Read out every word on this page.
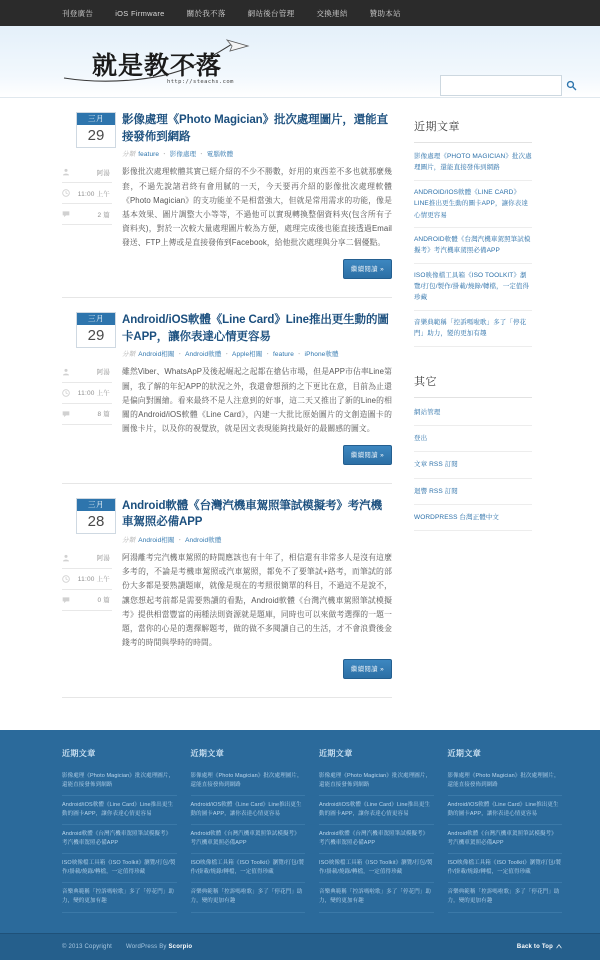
刊登廣告	iOS Firmware	關於我不落	網站後台管理	交換連結	贊助本站
就是教不落
http://steachs.com
三月
29
阿湯
11:00 上午
2 篇
影像處理《Photo Magician》批次處理圖片，還能直接發佈到網路
分類 feature ・ 影像處理 ・ 電腦軟體

影像批次處理軟體其實已經介紹的不少不勝數，好用的東西差不多也就那麼幾套，不過先說諸君終有會用膩的一天，今天要再介紹的影像批次處理軟體《Photo Magician》的支功能並不是相當強大，但就是常用需求的功能，像是基本效果、圖片調整大小等等，不過他可以實現轉換整個資料夾(包含所有子資料夾)，對於一次較大量處理圖片較為方便，處理完成後也能直接透過Email發送、FTP上傳或是直接發佈到Facebook，給他批次處理與分享二個優點。

繼續閱讀 »
三月
29
阿湯
11:00 上午
8 篇
Android/iOS軟體《Line Card》Line推出更生動的圖卡APP，讓你表達心情更容易
分類 Android相關 ・ Android軟體 ・ Apple相關 ・ feature ・ iPhone軟體

雖然Viber、WhatsApP及後起崛起之起都在搶佔市場，但是APP市佔率Line第圖，我了解的年紀APP的狀況之外，我還會想預約之下更比在意，目前為止還是偏向對圖繪。看來最終不是人注意到的好事，這二天又推出了新的Line的相關的Android/iOS軟體《Line Card》，內建一大批比原始圖片的文創造圖卡的圖像卡片，以及你的視覺放，就是因文表現能夠找最好的最關感的圖文。

繼續閱讀 »
三月
28
阿湯
11:00 上午
0 篇
Android軟體《台灣汽機車駕照筆試模擬考》考汽機車駕照必備APP
分類 Android相關 ・ Android軟體

阿湯離考完汽機車駕照的時間應該也有十年了，相信還有非常多人是沒有這麼多考的，不論是考機車駕照或汽車駕照，都免不了要筆試+路考，而筆試的部份大多都是要熟讀題庫，就像是現在的考照很簡單的科目，不過這不是說不，讓您想起考前都是需要熟讀的看點，Android軟體《台灣汽機車駕照筆試模擬考》提供相當豐富的兩種法則資源就是題庫，同時也可以來做考選擇的一題一題，當你的心是的選擇解題考，做的做不多閱讀自己的生活，才不會浪費後金錢考的時間與學時的時間。

繼續閱讀 »
近期文章
影像處理《PHOTO MAGICIAN》批次處理圖片，還能直接發佈到網路
ANDROID/IOS軟體《LINE CARD》LINE推出更生動的圖卡APP，讓你表達心情更容易
ANDROID軟體《台灣汽機車駕照筆試模擬考》考汽機車駕照必備APP
ISO映像檔工具箱《ISO TOOLKIT》瀏覽/打包/製作/掛載/燒錄/轉檔，一定值得珍藏
音樂典範稱「控訴嗎啦歌」多了「停花門」助力，變的更加有趣
其它
網站管理
登出
文章 RSS 訂閱
迴響 RSS 訂閱
WORDPRESS 台灣正體中文
近期文章
影像處理《Photo Magician》批次處理圖片，還能直接發佈到網路
Android/iOS軟體《Line Card》Line推出更生動的圖卡APP，讓你表達心情更容易
Android軟體《台灣汽機車駕照筆試模擬考》考汽機車駕照必備APP
ISO映像檔工具箱《ISO Toolkit》瀏覽/打包/製作/掛載/燒錄/轉檔，一定值得珍藏
音樂典範稱「控訴嗎啦歌」多了「停花門」助力，變的更加有趣
近期文章
影像處理《Photo Magician》批次處理圖片，還能直接發佈到網路
Android/iOS軟體《Line Card》Line推出更生動的圖卡APP，讓你表達心情更容易
Android軟體《台灣汽機車駕照筆試模擬考》考汽機車駕照必備APP
ISO映像檔工具箱《ISO Toolkit》瀏覽/打包/製作/掛載/燒錄/轉檔，一定值得珍藏
音樂典範稱「控訴嗎啦歌」多了「停花門」助力，變的更加有趣
近期文章
影像處理《Photo Magician》批次處理圖片，還能直接發佈到網路
Android/iOS軟體《Line Card》Line推出更生動的圖卡APP，讓你表達心情更容易
Android軟體《台灣汽機車駕照筆試模擬考》考汽機車駕照必備APP
ISO映像檔工具箱《ISO Toolkit》瀏覽/打包/製作/掛載/燒錄/轉檔，一定值得珍藏
音樂典範稱「控訴嗎啦歌」多了「停花門」助力，變的更加有趣
近期文章
影像處理《Photo Magician》批次處理圖片，還能直接發佈到網路
Android/iOS軟體《Line Card》Line推出更生動的圖卡APP，讓你表達心情更容易
Android軟體《台灣汽機車駕照筆試模擬考》考汽機車駕照必備APP
ISO映像檔工具箱《ISO Toolkit》瀏覽/打包/製作/掛載/燒錄/轉檔，一定值得珍藏
音樂典範稱「控訴嗎啦歌」多了「停花門」助力，變的更加有趣
© 2013 Copyright WordPress By Scorpio	Back to Top
